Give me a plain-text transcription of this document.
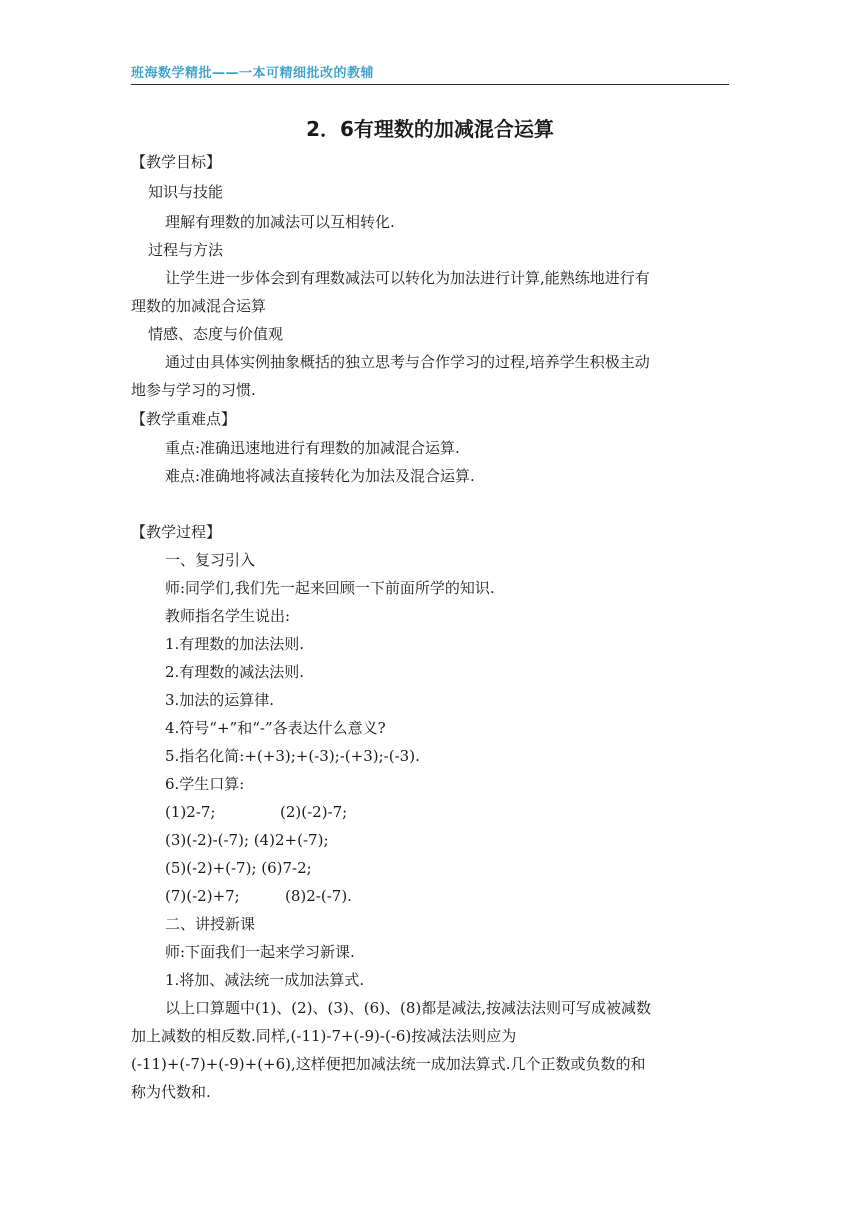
班海数学精批——一本可精细批改的教辅
2．6有理数的加减混合运算
【教学目标】
知识与技能
理解有理数的加减法可以互相转化.
过程与方法
让学生进一步体会到有理数减法可以转化为加法进行计算,能熟练地进行有
理数的加减混合运算
情感、态度与价值观
通过由具体实例抽象概括的独立思考与合作学习的过程,培养学生积极主动
地参与学习的习惯.
【教学重难点】
重点:准确迅速地进行有理数的加减混合运算.
难点:准确地将减法直接转化为加法及混合运算.
【教学过程】
一、复习引入
师:同学们,我们先一起来回顾一下前面所学的知识.
教师指名学生说出:
1.有理数的加法法则.
2.有理数的减法法则.
3.加法的运算律.
4.符号“+”和“-”各表达什么意义?
5.指名化简:+(+3);+(-3);-(+3);-(-3).
6.学生口算:
(1)2-7;	(2)(-2)-7;
(3)(-2)-(-7); (4)2+(-7);
(5)(-2)+(-7); (6)7-2;
(7)(-2)+7;	(8)2-(-7).
二、讲授新课
师:下面我们一起来学习新课.
1.将加、减法统一成加法算式.
以上口算题中(1)、(2)、(3)、(6)、(8)都是减法,按减法法则可写成被减数
加上减数的相反数.同样,(-11)-7+(-9)-(-6)按减法法则应为
(-11)+(-7)+(-9)+(+6),这样便把加减法统一成加法算式.几个正数或负数的和
称为代数和.
